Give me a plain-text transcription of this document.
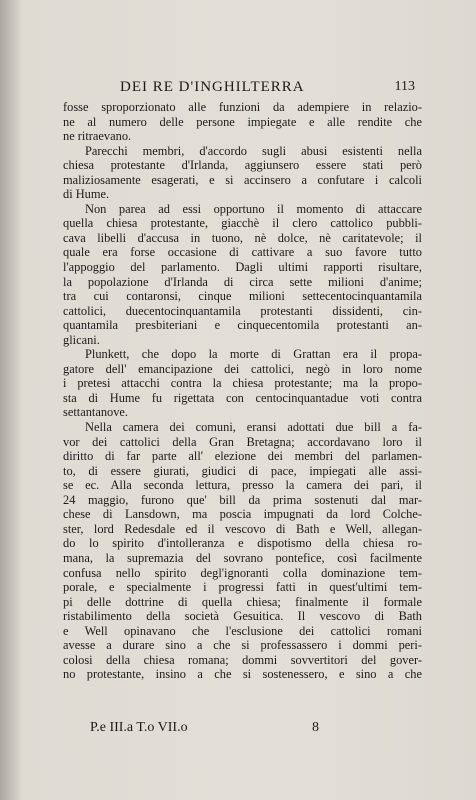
DEI RE D'INGHILTERRA	113
fosse sproporzionato alle funzioni da adempiere in relazio-
ne al numero delle persone impiegate e alle rendite che
ne ritraevano.
Parecchi membri, d'accordo sugli abusi esistenti nella
chiesa protestante d'Irlanda, aggiunsero essere stati però
maliziosamente esagerati, e si accinsero a confutare i calcoli
di Hume.
Non parea ad essi opportuno il momento di attaccare
quella chiesa protestante, giacchè il clero cattolico pubbli-
cava libelli d'accusa in tuono, nè dolce, nè caritatevole; il
quale era forse occasione di cattivare a suo favore tutto
l'appoggio del parlamento. Dagli ultimi rapporti risultare,
la popolazione d'Irlanda di circa sette milioni d'anime;
tra cui contaronsi, cinque milioni settecentocinquantamila
cattolici, duecentocinquantamila protestanti dissidenti, cin-
quantamila presbiteriani e cinquecentomila protestanti an-
glicani.
Plunkett, che dopo la morte di Grattan era il propa-
gatore dell' emancipazione dei cattolici, negò in loro nome
i pretesi attacchi contra la chiesa protestante; ma la propo-
sta di Hume fu rigettata con centocinquantadue voti contra
settantanove.
Nella camera dei comuni, eransi adottati due bill a fa-
vor dei cattolici della Gran Bretagna; accordavano loro il
diritto di far parte all' elezione dei membri del parlamen-
to, di essere giurati, giudici di pace, impiegati alle assi-
se ec. Alla seconda lettura, presso la camera dei pari, il
24 maggio, furono que' bill da prima sostenuti dal mar-
chese di Lansdown, ma poscia impugnati da lord Colche-
ster, lord Redesdale ed il vescovo di Bath e Well, allegan-
do lo spirito d'intolleranza e dispotismo della chiesa ro-
mana, la supremazia del sovrano pontefice, così facilmente
confusa nello spirito degl'ignoranti colla dominazione tem-
porale, e specialmente i progressi fatti in quest'ultimi tem-
pi delle dottrine di quella chiesa; finalmente il formale
ristabilimento della società Gesuitica. Il vescovo di Bath
e Well opinavano che l'esclusione dei cattolici romani
avesse a durare sino a che si professassero i dommi peri-
colosi della chiesa romana; dommi sovvertitori del gover-
no protestante, insino a che si sostenessero, e sino a che
P.e III.a T.o VII.o	8
